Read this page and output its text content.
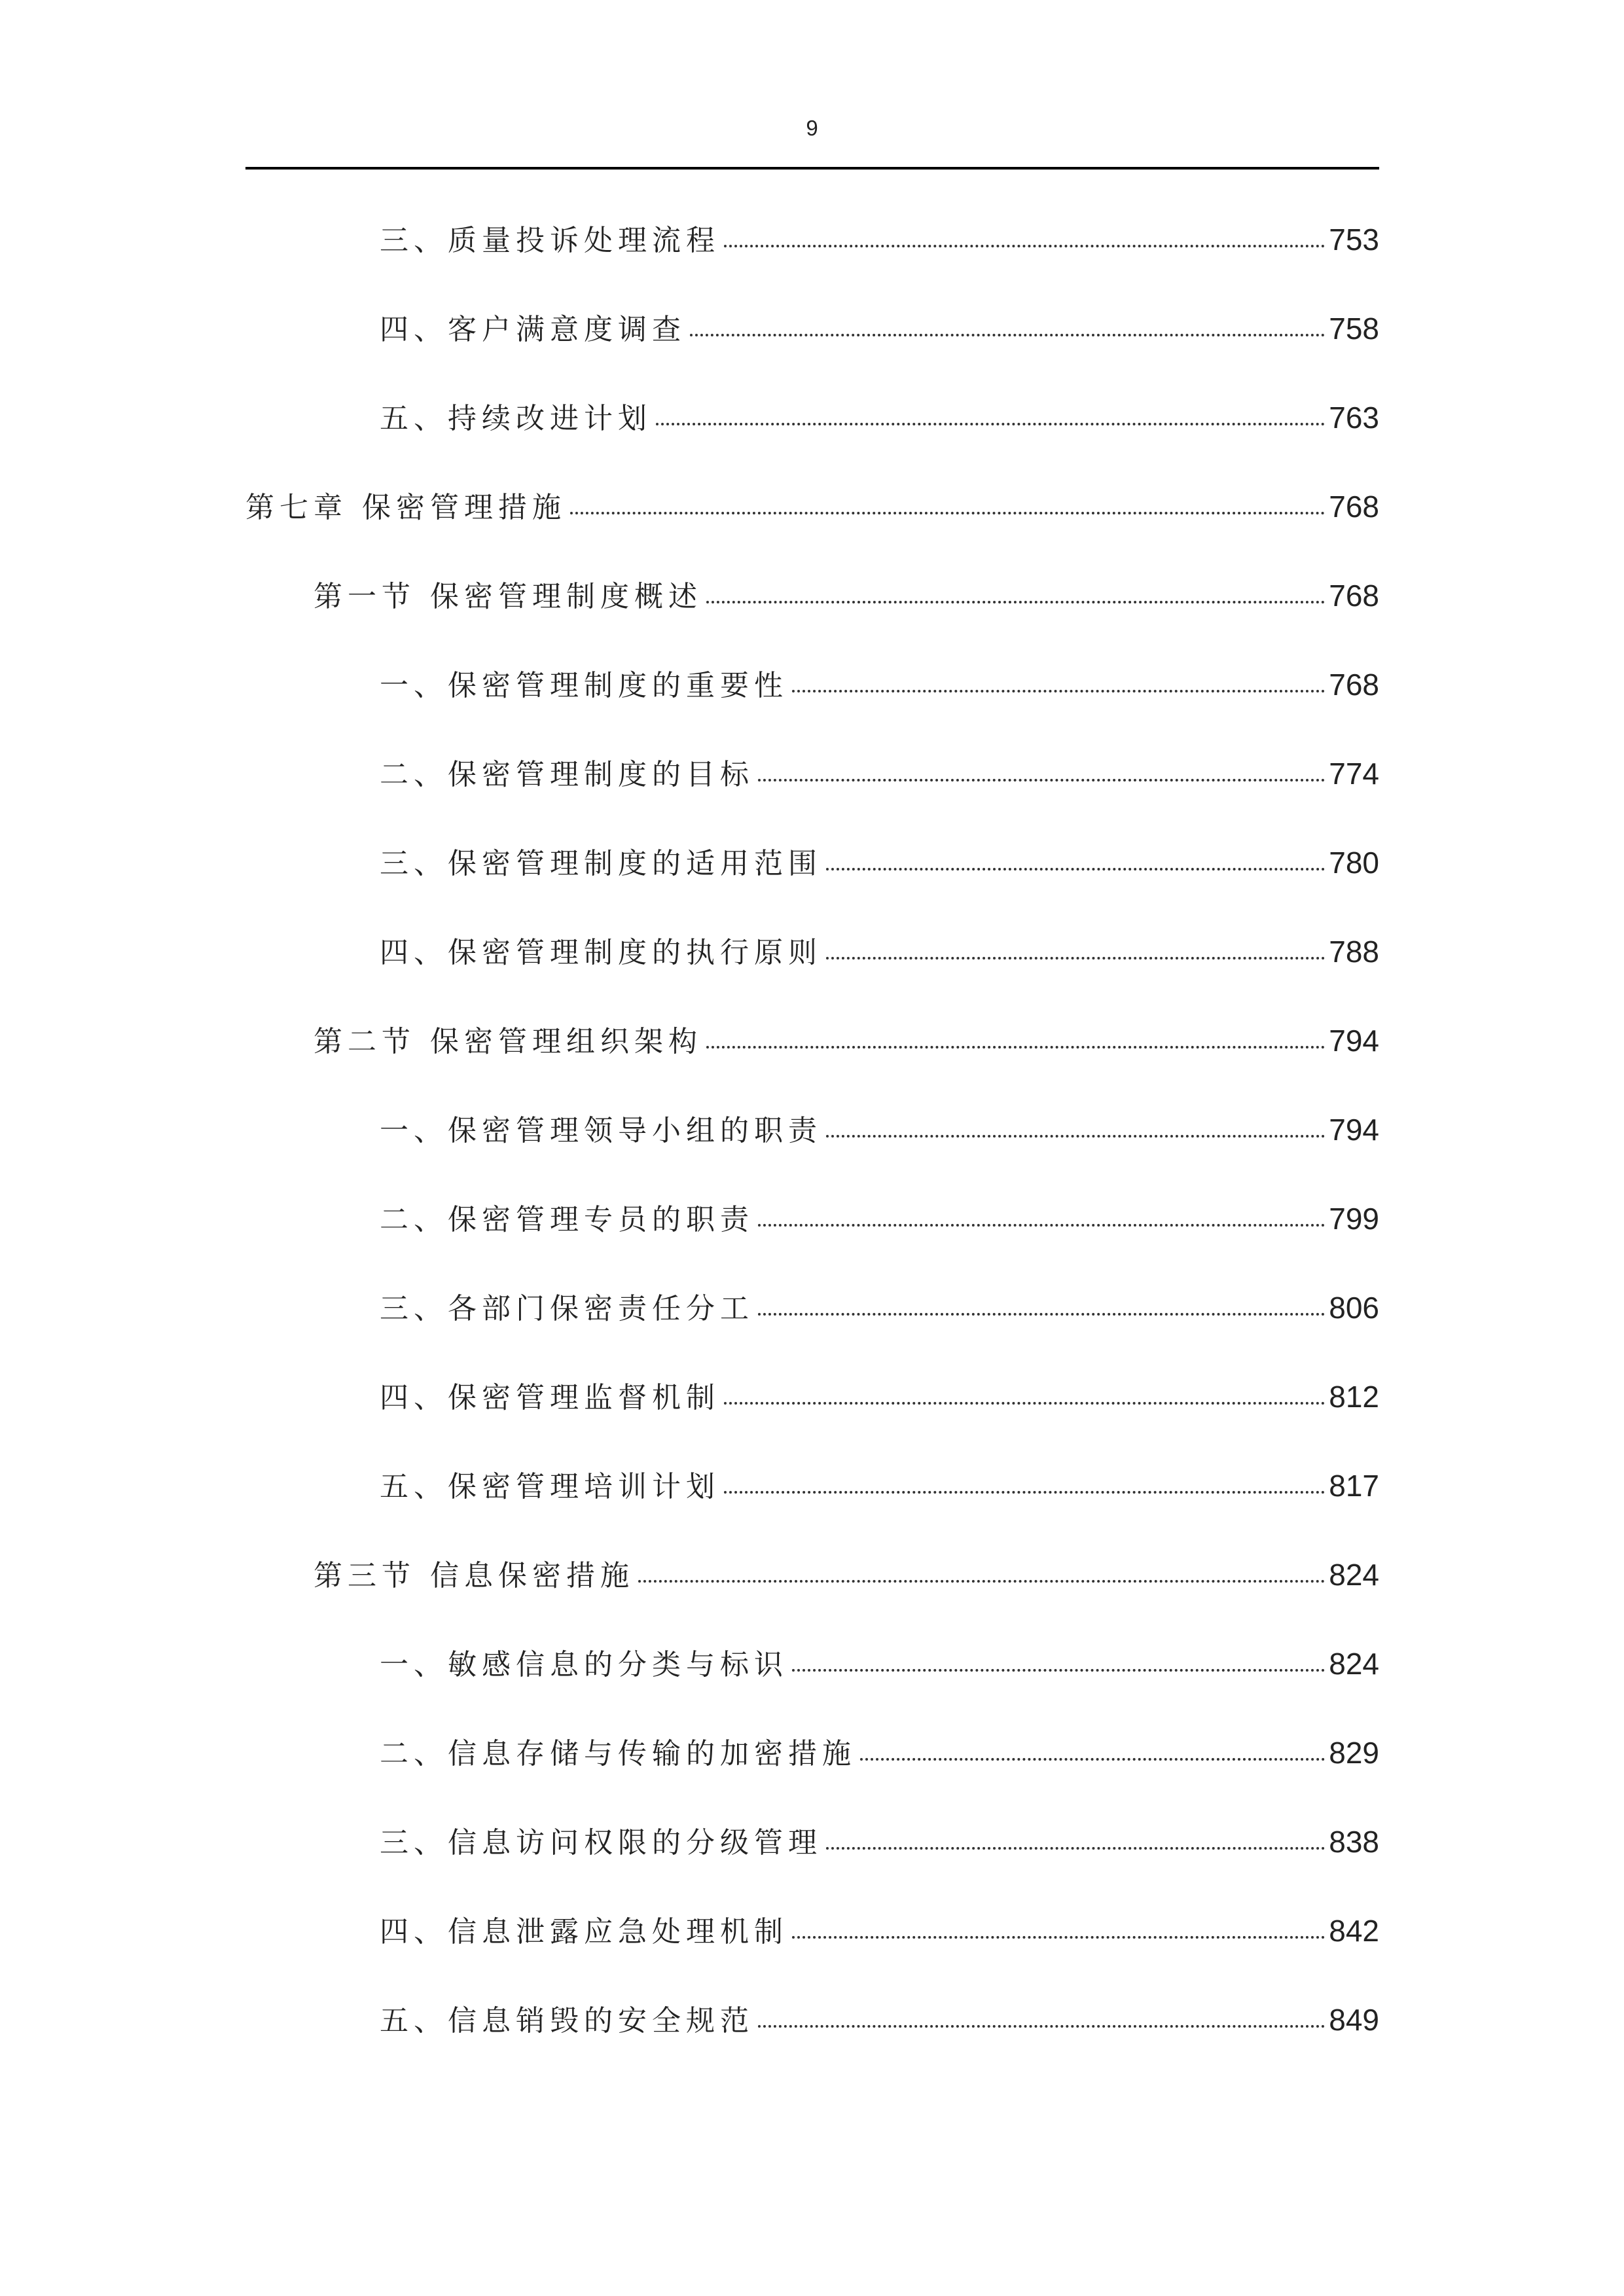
9
三、质量投诉处理流程	753
四、客户满意度调查	758
五、持续改进计划	763
第七章 保密管理措施	768
第一节 保密管理制度概述	768
一、保密管理制度的重要性	768
二、保密管理制度的目标	774
三、保密管理制度的适用范围	780
四、保密管理制度的执行原则	788
第二节 保密管理组织架构	794
一、保密管理领导小组的职责	794
二、保密管理专员的职责	799
三、各部门保密责任分工	806
四、保密管理监督机制	812
五、保密管理培训计划	817
第三节 信息保密措施	824
一、敏感信息的分类与标识	824
二、信息存储与传输的加密措施	829
三、信息访问权限的分级管理	838
四、信息泄露应急处理机制	842
五、信息销毁的安全规范	849
